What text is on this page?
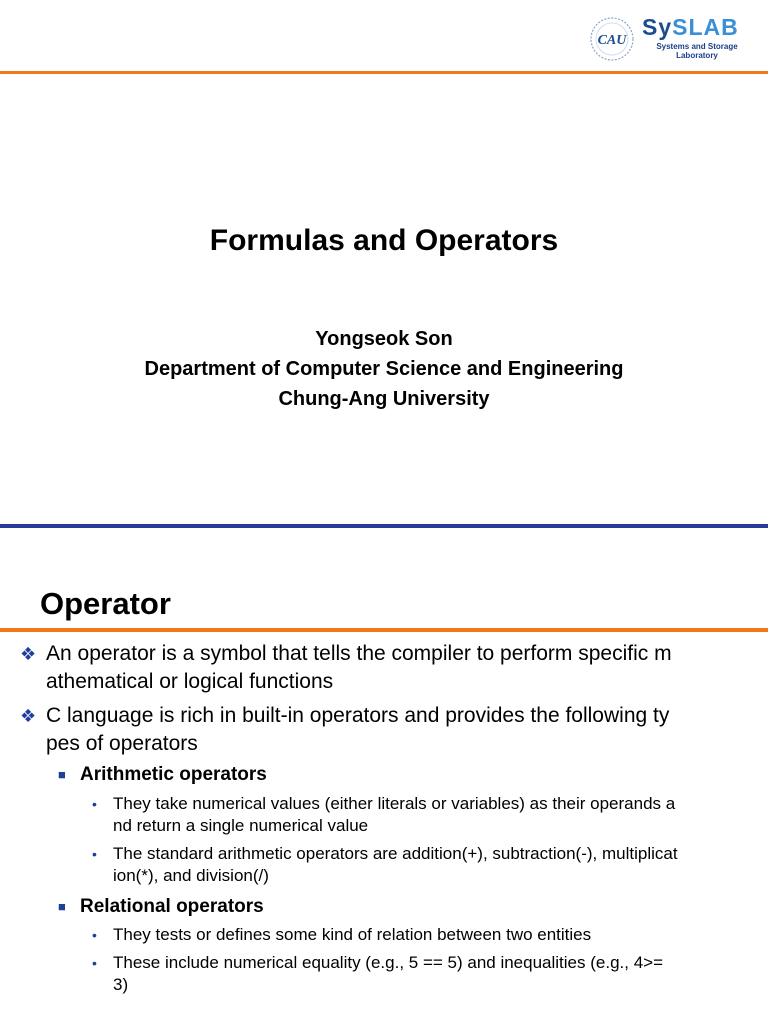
CAU
SySLAB
Systems and Storage
Laboratory
Formulas and Operators
Yongseok Son
Department of Computer Science and Engineering
Chung-Ang University
Operator
❖ An operator is a symbol that tells the compiler to perform specific m
athematical or logical functions
❖ C language is rich in built-in operators and provides the following ty
pes of operators
■ Arithmetic operators
• They take numerical values (either literals or variables) as their operands a
nd return a single numerical value
• The standard arithmetic operators are addition(+), subtraction(-), multiplicat
ion(*), and division(/)
■ Relational operators
• They tests or defines some kind of relation between two entities
• These include numerical equality (e.g., 5 == 5) and inequalities (e.g., 4>=
3)
